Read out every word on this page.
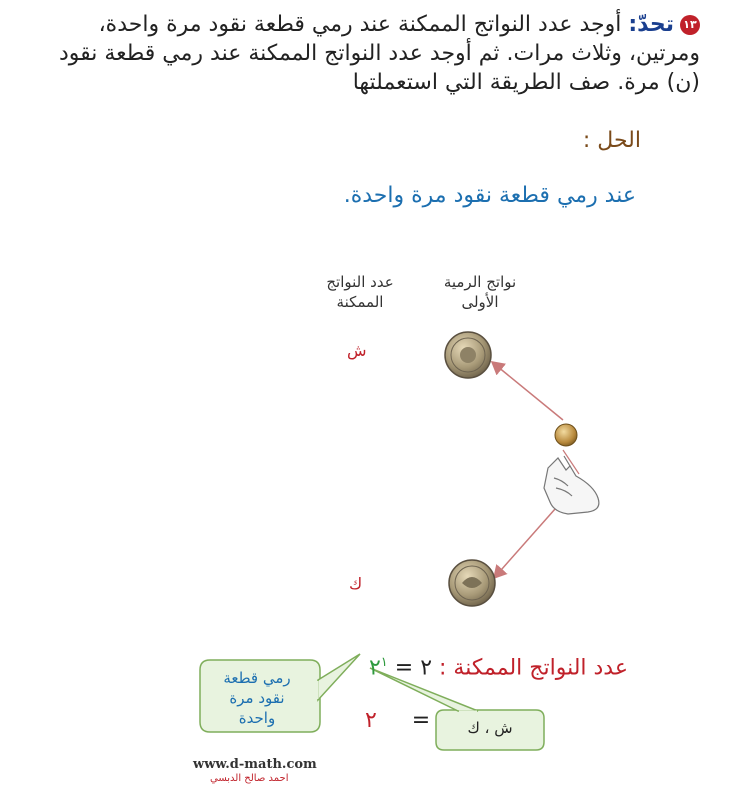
١٣تحدّ: أوجد عدد النواتج الممكنة عند رمي قطعة نقود مرة واحدة، ومرتين، وثلاث مرات. ثم أوجد عدد النواتج الممكنة عند رمي قطعة نقود (ن) مرة. صف الطريقة التي استعملتها
الحل :
عند رمي قطعة نقود مرة واحدة.
عدد النواتج الممكنة
نواتج الرمية الأولى
ش
ك
عدد النواتج الممكنة : ٢ = $٢^١$
٢ =
رمي قطعة نقود مرة واحدة
ش ، ك
www.d-math.com
احمد صالح الدبسي
